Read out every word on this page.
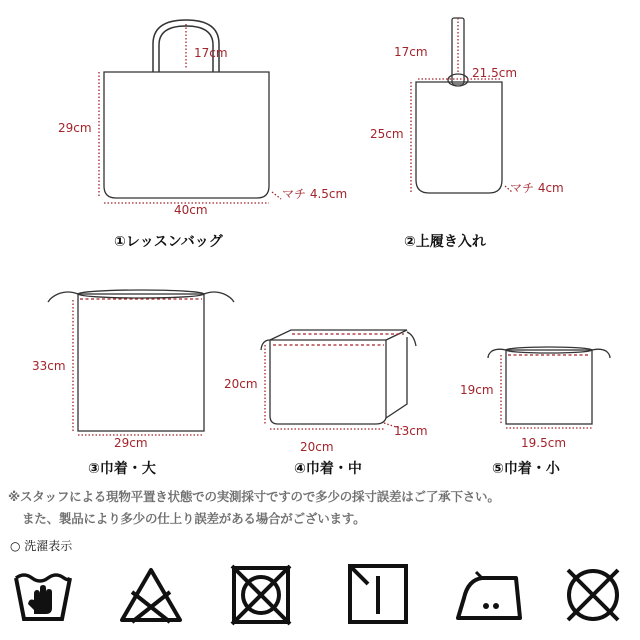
17cm
29cm
40cm
マチ 4.5cm
17cm
21.5cm
25cm
マチ 4cm
33cm
29cm
20cm
20cm
13cm
19cm
19.5cm
①レッスンバッグ	②上履き入れ
③巾着・大	④巾着・中	⑤巾着・小
※スタッフによる現物平置き状態での実測採寸ですので多少の採寸誤差はご了承下さい。
また、製品により多少の仕上り誤差がある場合がございます。
○ 洗濯表示
